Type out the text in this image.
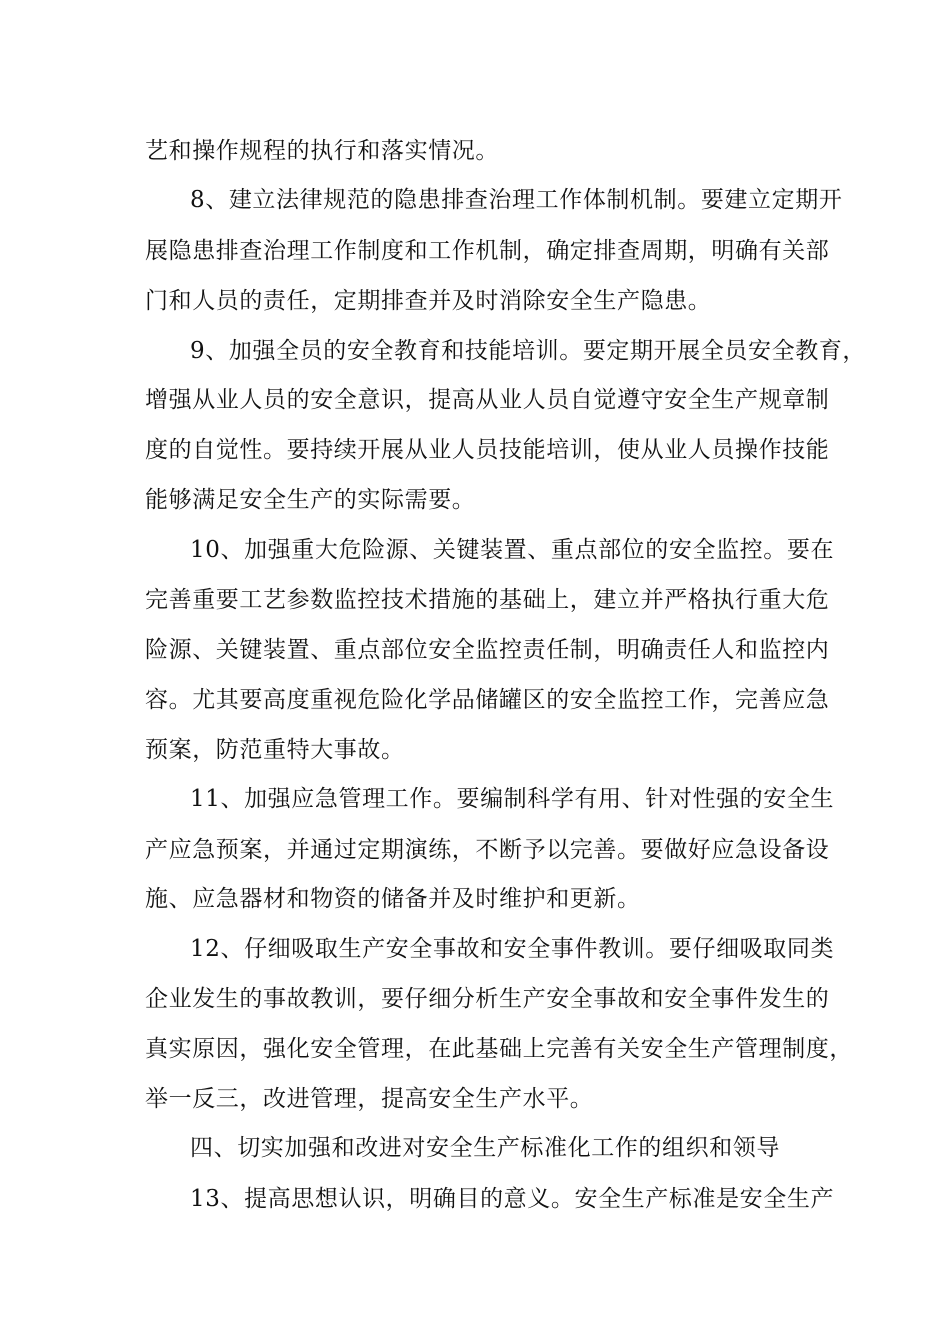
艺和操作规程的执行和落实情况。
8、建立法律规范的隐患排查治理工作体制机制。要建立定期开
展隐患排查治理工作制度和工作机制，确定排查周期，明确有关部
门和人员的责任，定期排查并及时消除安全生产隐患。
9、加强全员的安全教育和技能培训。要定期开展全员安全教育，
增强从业人员的安全意识，提高从业人员自觉遵守安全生产规章制
度的自觉性。要持续开展从业人员技能培训，使从业人员操作技能
能够满足安全生产的实际需要。
10、加强重大危险源、关键装置、重点部位的安全监控。要在
完善重要工艺参数监控技术措施的基础上，建立并严格执行重大危
险源、关键装置、重点部位安全监控责任制，明确责任人和监控内
容。尤其要高度重视危险化学品储罐区的安全监控工作，完善应急
预案，防范重特大事故。
11、加强应急管理工作。要编制科学有用、针对性强的安全生
产应急预案，并通过定期演练，不断予以完善。要做好应急设备设
施、应急器材和物资的储备并及时维护和更新。
12、仔细吸取生产安全事故和安全事件教训。要仔细吸取同类
企业发生的事故教训，要仔细分析生产安全事故和安全事件发生的
真实原因，强化安全管理，在此基础上完善有关安全生产管理制度，
举一反三，改进管理，提高安全生产水平。
四、切实加强和改进对安全生产标准化工作的组织和领导
13、提高思想认识，明确目的意义。安全生产标准是安全生产
